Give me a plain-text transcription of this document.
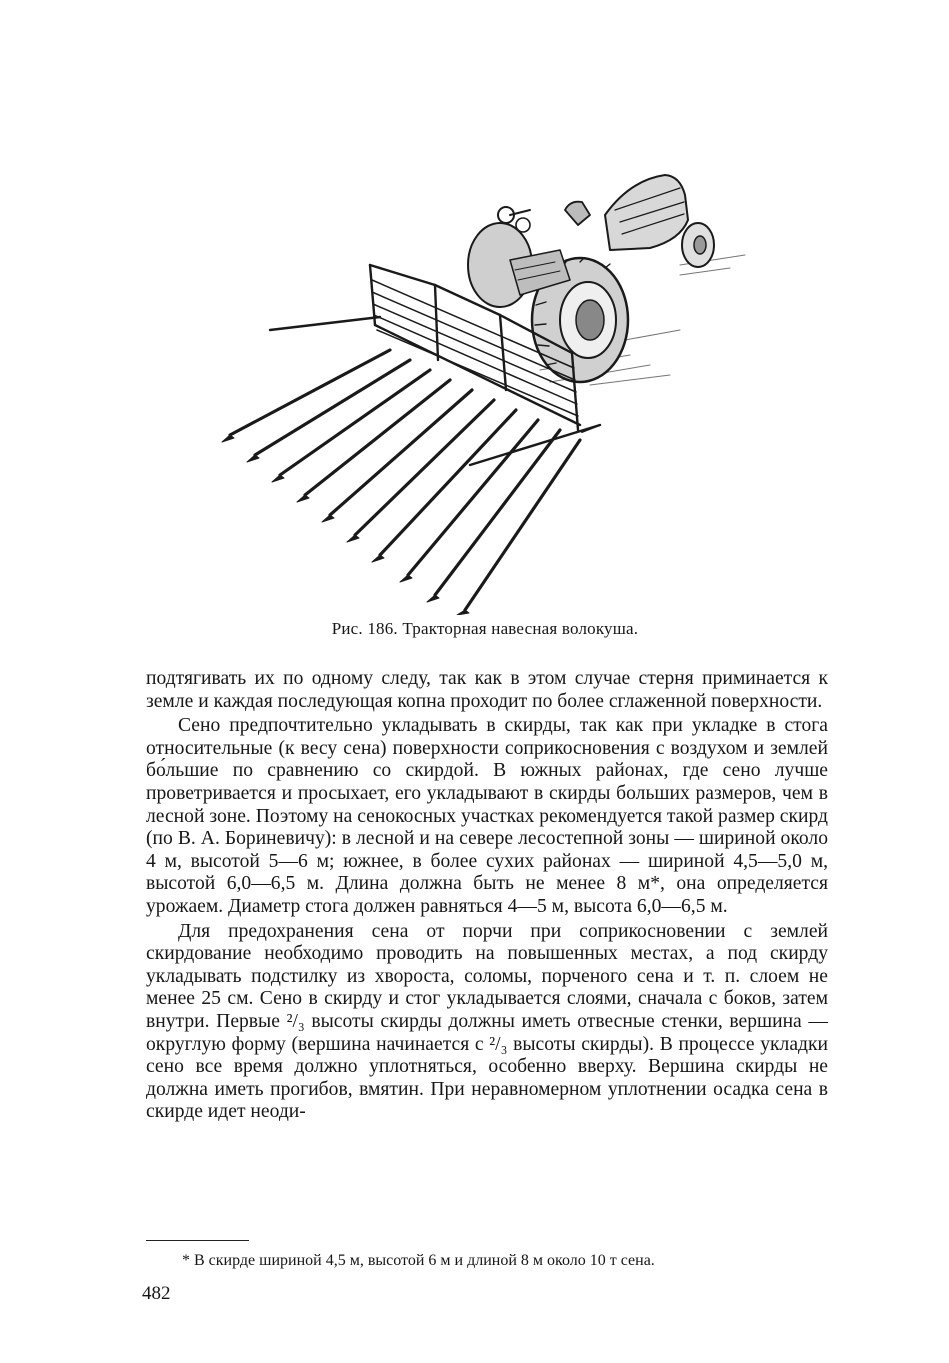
Рис. 186. Тракторная навесная волокуша.

подтягивать их по одному следу, так как в этом случае стерня приминается к земле и каждая последующая копна проходит по более сглаженной поверхности.

Сено предпочтительно укладывать в скирды, так как при укладке в стога относительные (к весу сена) поверхности соприкосновения с воздухом и землей бо́льшие по сравнению со скирдой. В южных районах, где сено лучше проветривается и просыхает, его укладывают в скирды больших размеров, чем в лесной зоне. Поэтому на сенокосных участках рекомендуется такой размер скирд (по В. А. Бориневичу): в лесной и на севере лесостепной зоны — шириной около 4 м, высотой 5—6 м; южнее, в более сухих районах — шириной 4,5—5,0 м, высотой 6,0—6,5 м. Длина должна быть не менее 8 м*, она определяется урожаем. Диаметр стога должен равняться 4—5 м, высота 6,0—6,5 м.

Для предохранения сена от порчи при соприкосновении с землей скирдование необходимо проводить на повышенных местах, а под скирду укладывать подстилку из хвороста, соломы, порченого сена и т. п. слоем не менее 25 см. Сено в скирду и стог укладывается слоями, сначала с боков, затем внутри. Первые ²/₃ высоты скирды должны иметь отвесные стенки, вершина — округлую форму (вершина начинается с ²/₃ высоты скирды). В процессе укладки сено все время должно уплотняться, особенно вверху. Вершина скирды не должна иметь прогибов, вмятин. При неравномерном уплотнении осадка сена в скирде идет неоди-

* В скирде шириной 4,5 м, высотой 6 м и длиной 8 м около 10 т сена.
482
